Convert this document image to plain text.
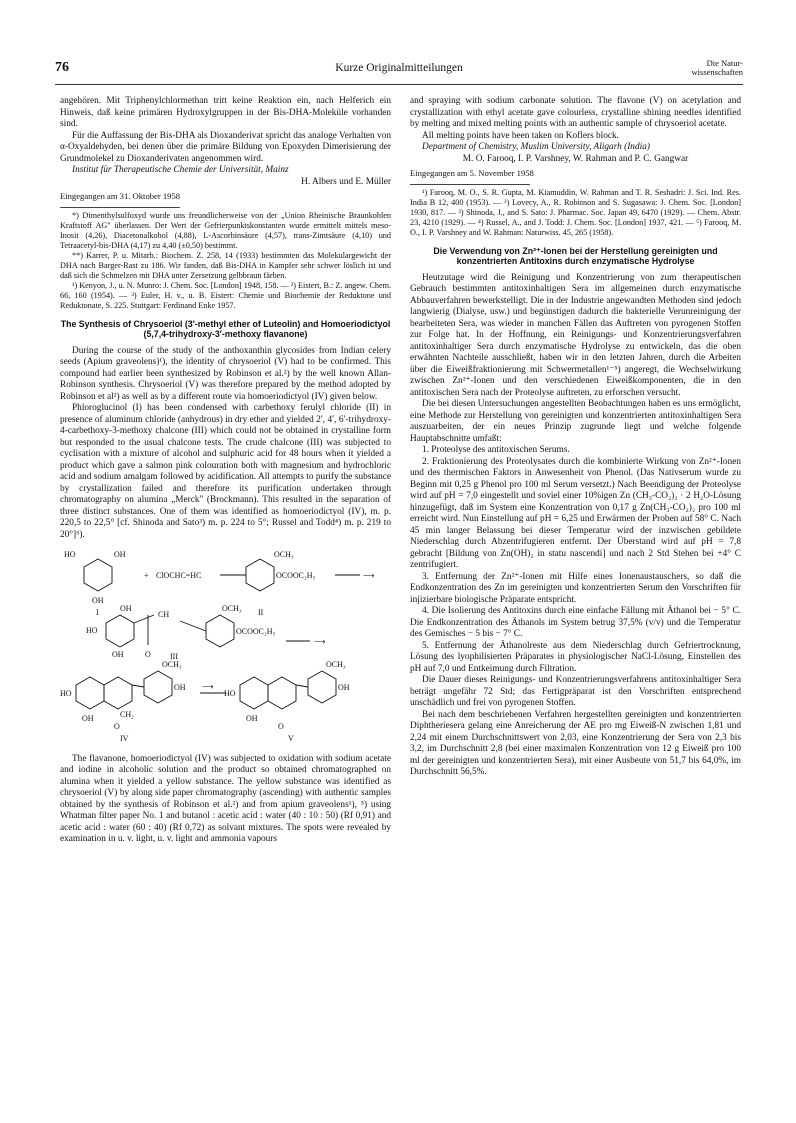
76	Kurze Originalmitteilungen	Die Natur-
wissenschaften

angehören. Mit Triphenylchlormethan tritt keine Reaktion ein, nach Helferich ein Hinweis, daß keine primären Hydroxylgruppen in der Bis-DHA-Moleküle vorhanden sind.

Für die Auffassung der Bis-DHA als Dioxanderivat spricht das analoge Verhalten von α-Oxyaldehyden, bei denen über die primäre Bildung von Epoxyden Dimerisierung der Grundmolekel zu Dioxanderivaten angenommen wird.

Institut für Therapeutische Chemie der Universität, Mainz

H. Albers und E. Müller
Eingegangen am 31. Oktober 1958

*) Dimenthylsulfoxyd wurde uns freundlicherweise von der „Union Rheinische Braunkohlen Kraftstoff AG" überlassen. Der Wert der Gefrierpunktskonstanten wurde ermittelt mittels meso-Inosit (4,26), Diacetonalkohol (4,88), L-Ascorbinsäure (4,57), trans-Zimtsäure (4,10) und Tetraacetyl-bis-DHA (4,17) zu 4,40 (±0,50) bestimmt.

**) Karrer, P. u. Mitarb.: Biochem. Z. 258, 14 (1933) bestimmten das Molekulargewicht der DHA nach Barger-Rast zu 186. Wir fanden, daß Bis-DHA in Kampfer sehr schwer löslich ist und daß sich die Schmelzen mit DHA unter Zersetzung gelbbraun färben.

¹) Kenyon, J., u. N. Munro: J. Chem. Soc. [London] 1948, 158. — ²) Eistert, B.: Z. angew. Chem. 66, 160 (1954). — ³) Euler, H. v., u. B. Eistert: Chemie und Biochemie der Reduktone und Reduktonate, S. 225. Stuttgart: Ferdinand Enke 1957.

The Synthesis of Chrysoeriol (3′-methyl ether of Luteolin) and Homoeriodictyol (5,7,4-trihydroxy-3′-methoxy flavanone)

During the course of the study of the anthoxanthin glycosides from Indian celery seeds (Apium graveolens)¹), the identity of chrysoeriol (V) had to be confirmed. This compound had earlier been synthesized by Robinson et al.²) by the well known Allan-Robinson synthesis. Chrysoeriol (V) was therefore prepared by the method adopted by Robinson et al²) as well as by a different route via homoeriodictyol (IV) given below.

Phloroglucinol (I) has been condensed with carbethoxy ferulyl chloride (II) in presence of aluminum chloride (anhydrous) in dry ether and yielded 2′, 4′, 6′-trihydroxy-4-carbethoxy-3-methoxy chalcone (III) which could not be obtained in crystalline form but responded to the usual chalcone tests. The crude chalcone (III) was subjected to cyclisation with a mixture of alcohol and sulphuric acid for 48 hours when it yielded a product which gave a salmon pink colouration both with magnesium and hydrochloric acid and sodium amalgam followed by acidification. All attempts to purify the substance by crystallization failed and therefore its purification undertaken through chromatography on alumina „Merck" (Brockmann). This resulted in the separation of three distinct substances. One of them was identified as homoeriodictyol (IV), m. p. 220,5 to 22,5° [cf. Shinoda and Sato³) m. p. 224 to 5°; Russel and Todd⁴) m. p. 219 to 20°]⁵).

HO	OH
OH
I
+ ClOCHC=HC
OCH₃
OCOOC₂H₅	⟶
II
HO
OH
CH
OCH₃
OCOOC₂H₅
OH	O III
⟶
HO
OCH₃
OH
CH₂
OH
O
IV
⟶
HO
OCH₃
OH
OH
O
V

The flavanone, homoeriodictyol (IV) was subjected to oxidation with sodium acetate and iodine in alcoholic solution and the product so obtained chromatographed on alumina when it yielded a yellow substance. The yellow substance was identified as chrysoeriol (V) by along side paper chromatography (ascending) with authentic samples obtained by the synthesis of Robinson et al.²) and from apium graveolens¹), ⁵) using Whatman filter paper No. 1 and butanol : acetic acid : water (40 : 10 : 50) (Rf 0,91) and acetic acid : water (60 : 40) (Rf 0,72) as solvant mixtures. The spots were revealed by examination in u. v. light, u. v. light and ammonia vapours

and spraying with sodium carbonate solution. The flavone (V) on acetylation and crystallization with ethyl acetate gave colourless, crystalline shining needles identified by melting and mixed melting points with an authentic sample of chrysoeriol acetate.

All melting points have been taken on Koflers block.

Department of Chemistry, Muslim University, Aligarh (India)

M. O. Farooq, I. P. Varshney, W. Rahman and P. C. Gangwar
Eingegangen am 5. November 1958

¹) Farooq, M. O., S. R. Gupta, M. Kiamuddin, W. Rahman and T. R. Seshadri: J. Sci. Ind. Res. India B 12, 400 (1953). — ²) Lovecy, A., R. Robinson and S. Sugasawa: J. Chem. Soc. [London] 1930, 817. — ³) Shinoda, J., and S. Sato: J. Pharmac. Soc. Japan 49, 6470 (1929). — Chem. Abstr. 23, 4210 (1929). — ⁴) Russel, A., and J. Todd: J. Chem. Soc. [London] 1937, 421. — ⁵) Farooq, M. O., I. P. Varshney and W. Rahman: Naturwiss. 45, 265 (1958).

Die Verwendung von Zn²⁺-Ionen bei der Herstellung gereinigten und konzentrierten Antitoxins durch enzymatische Hydrolyse

Heutzutage wird die Reinigung und Konzentrierung von zum therapeutischen Gebrauch bestimmten antitoxinhaltigen Sera im allgemeinen durch enzymatische Abbauverfahren bewerkstelligt. Die in der Industrie angewandten Methoden sind jedoch langwierig (Dialyse, usw.) und begünstigen dadurch die bakterielle Verunreinigung der bearbeiteten Sera, was wieder in manchen Fällen das Auftreten von pyrogenen Stoffen zur Folge hat. In der Hoffnung, ein Reinigungs- und Konzentrierungsverfahren antitoxinhaltiger Sera durch enzymatische Hydrolyse zu entwickeln, das die oben erwähnten Nachteile ausschließt, haben wir in den letzten Jahren, durch die Arbeiten über die Eiweißfraktionierung mit Schwermetallen¹⁻⁵) angeregt, die Wechselwirkung zwischen Zn²⁺-Ionen und den verschiedenen Eiweißkomponenten, die in den antitoxischen Sera nach der Proteolyse auftreten, zu erforschen versucht.

Die bei diesen Untersuchungen angestellten Beobachtungen haben es uns ermöglicht, eine Methode zur Herstellung von gereinigten und konzentrierten antitoxinhaltigen Sera auszuarbeiten, der ein neues Prinzip zugrunde liegt und welche folgende Hauptabschnitte umfaßt:

1. Proteolyse des antitoxischen Serums.

2. Fraktionierung des Proteolysates durch die kombinierte Wirkung von Zn²⁺-Ionen und des thermischen Faktors in Anwesenheit von Phenol. (Das Nativserum wurde zu Beginn mit 0,25 g Phenol pro 100 ml Serum versetzt.) Nach Beendigung der Proteolyse wird auf pH = 7,0 eingestellt und soviel einer 10%igen Zn (CH₃-CO₂)₂ · 2 H₂O-Lösung hinzugefügt, daß im System eine Konzentration von 0,17 g Zn(CH₃-CO₂)₂ pro 100 ml erreicht wird. Nun Einstellung auf pH = 6,25 und Erwärmen der Proben auf 58° C. Nach 45 min langer Belassung bei dieser Temperatur wird der inzwischen gebildete Niederschlag durch Abzentrifugieren entfernt. Der Überstand wird auf pH = 7,8 gebracht [Bildung von Zn(OH)₂ in statu nascendi] und nach 2 Std Stehen bei +4° C zentrifugiert.

3. Entfernung der Zn²⁺-Ionen mit Hilfe eines Ionenaustauschers, so daß die Endkonzentration des Zn im gereinigten und konzentrierten Serum den Vorschriften für injizierbare biologische Präparate entspricht.

4. Die Isolierung des Antitoxins durch eine einfache Fällung mit Äthanol bei − 5° C. Die Endkonzentration des Äthanols im System betrug 37,5% (v/v) und die Temperatur des Gemisches − 5 bis − 7° C.

5. Entfernung der Äthanolreste aus dem Niederschlag durch Gefriertrocknung, Lösung des lyophilisierten Präparates in physiologischer NaCl-Lösung, Einstellen des pH auf 7,0 und Entkeimung durch Filtration.

Die Dauer dieses Reinigungs- und Konzentrierungsverfahrens antitoxinhaltiger Sera beträgt ungefähr 72 Std; das Fertigpräparat ist den Vorschriften entsprechend unschädlich und frei von pyrogenen Stoffen.

Bei nach dem beschriebenen Verfahren hergestellten gereinigten und konzentrierten Diphtheriesera gelang eine Anreicherung der AE pro mg Eiweiß-N zwischen 1,81 und 2,24 mit einem Durchschnittswert von 2,03, eine Konzentrierung der Sera von 2,3 bis 3,2, im Durchschnitt 2,8 (bei einer maximalen Konzentration von 12 g Eiweiß pro 100 ml der gereinigten und konzentrierten Sera), mit einer Ausbeute von 51,7 bis 64,0%, im Durchschnitt 56,5%.
